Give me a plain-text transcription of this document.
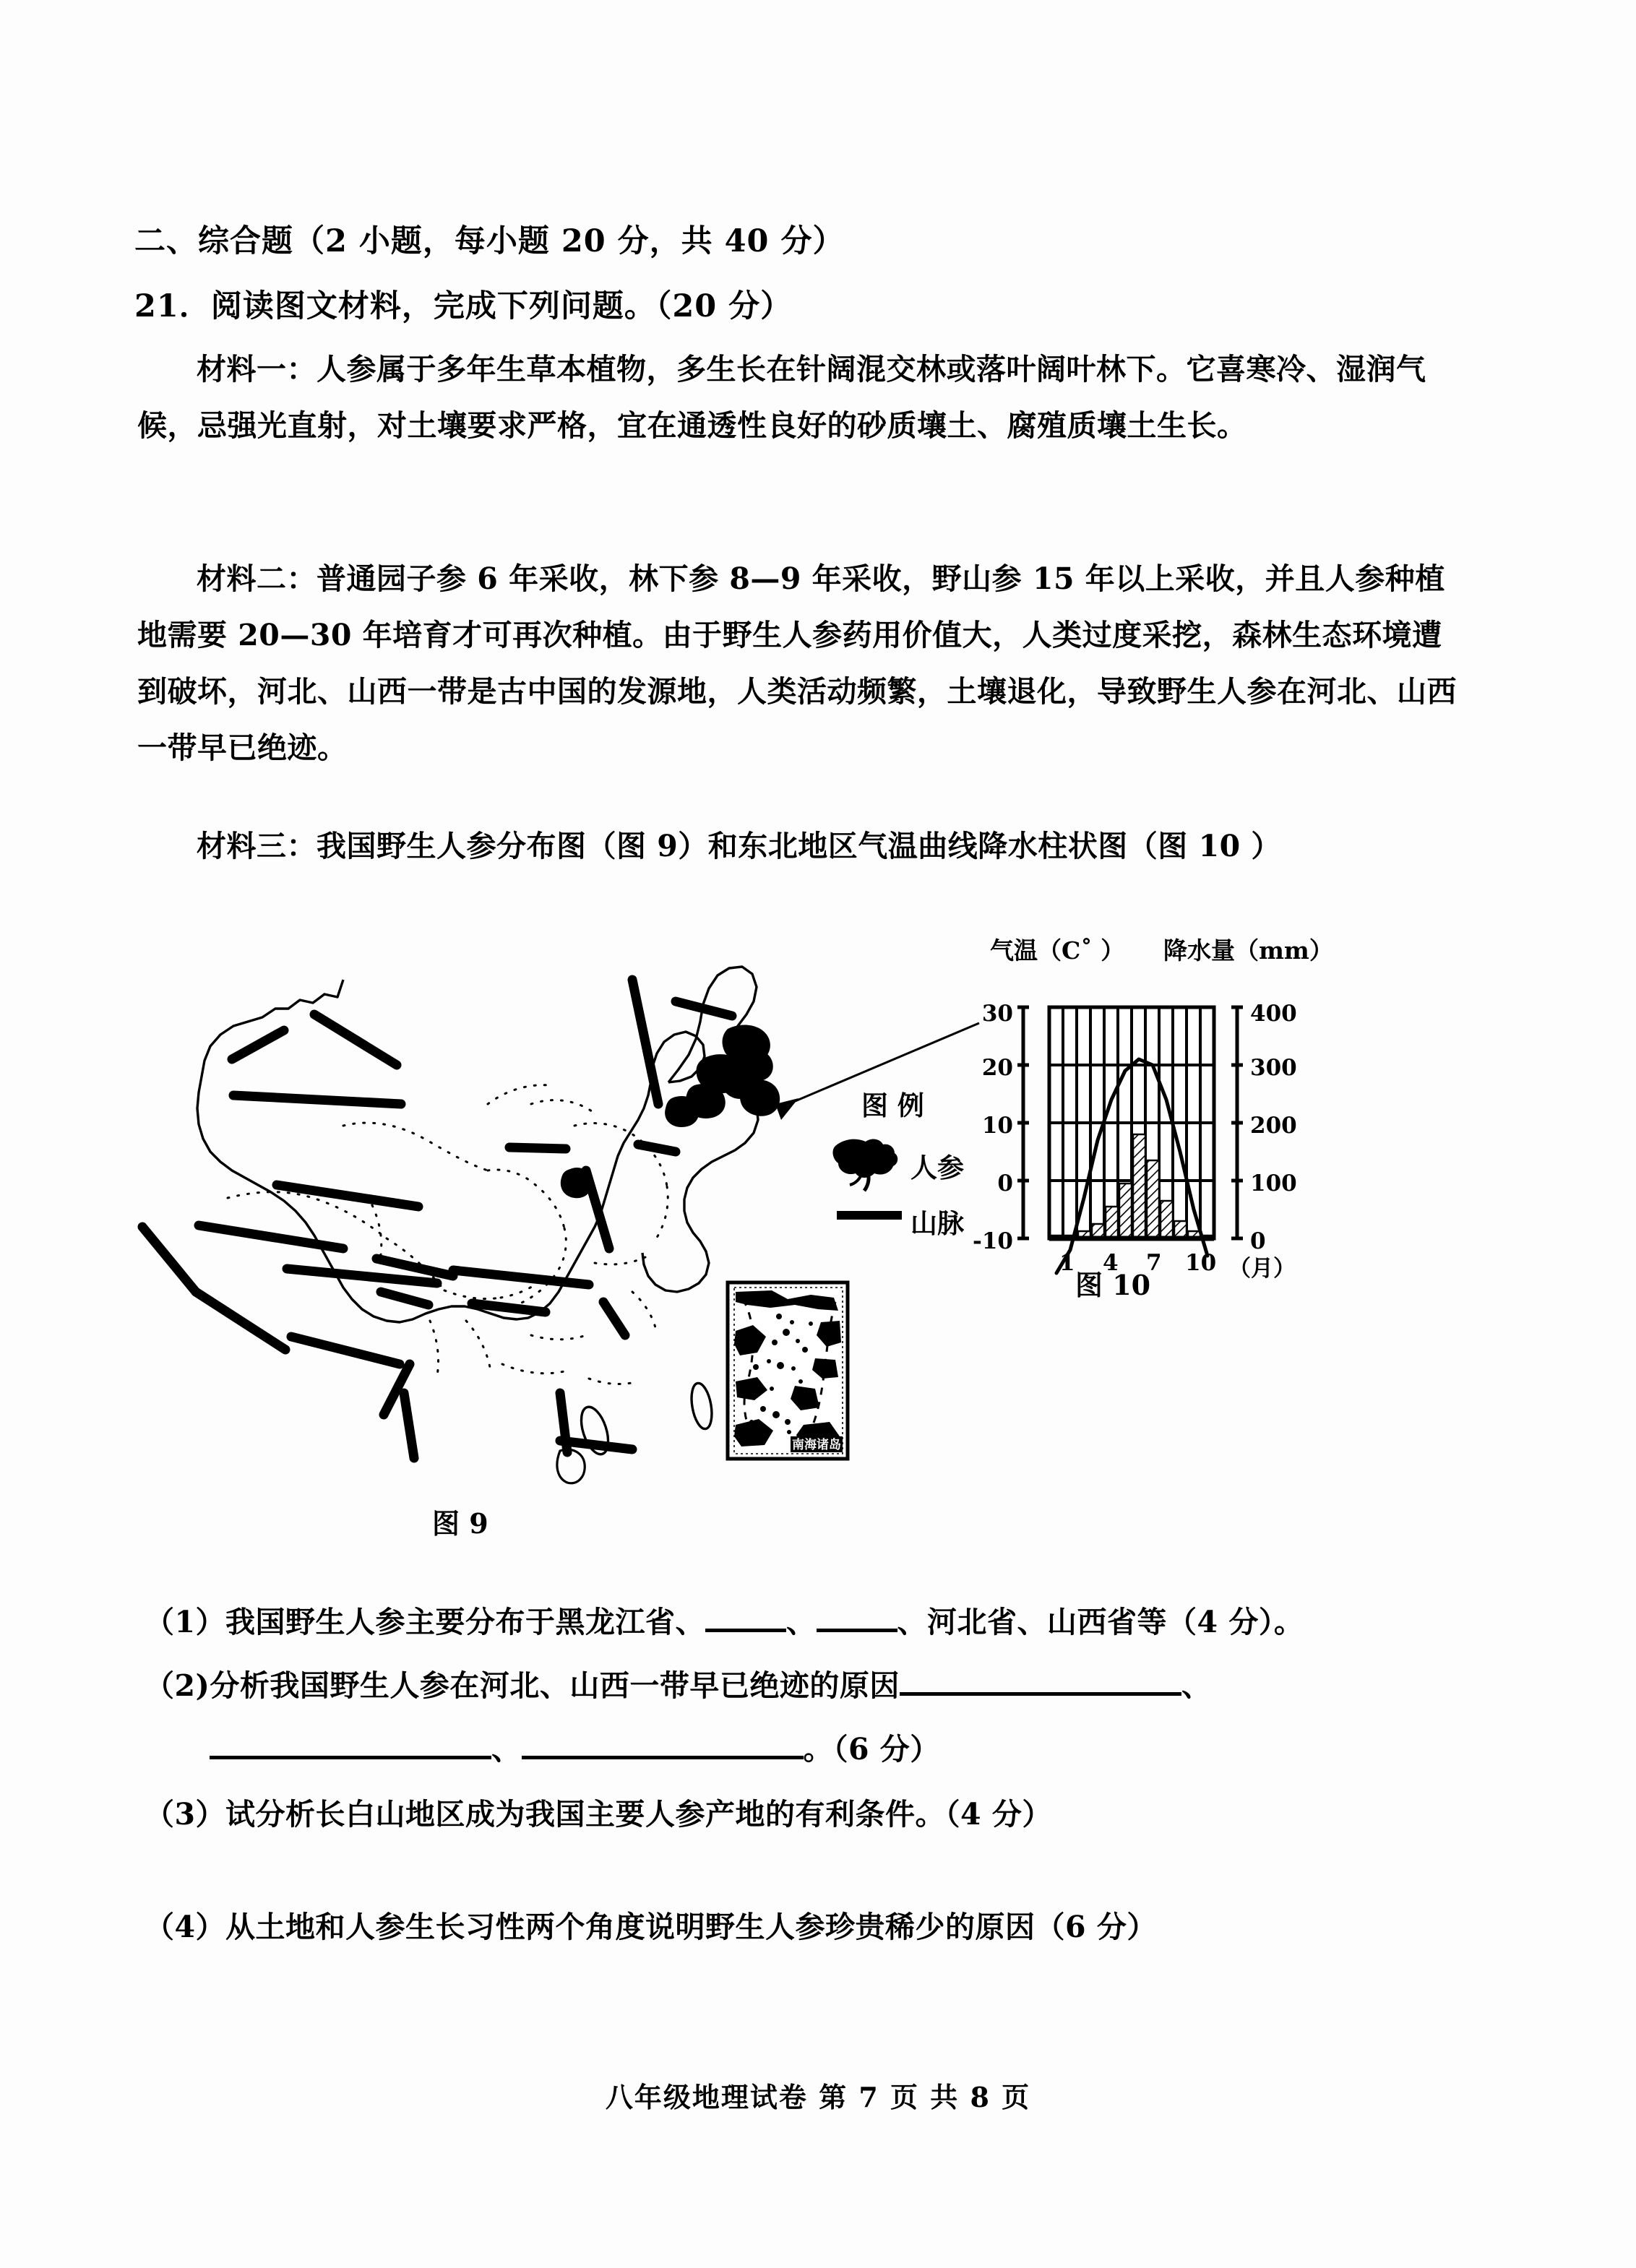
二、综合题（2 小题，每小题 20 分，共 40 分）
21．阅读图文材料，完成下列问题。（20 分）
材料一：人参属于多年生草本植物，多生长在针阔混交林或落叶阔叶林下。它喜寒冷、湿润气候，忌强光直射，对土壤要求严格，宜在通透性良好的砂质壤土、腐殖质壤土生长。
材料二：普通园子参 6 年采收，林下参 8—9 年采收，野山参 15 年以上采收，并且人参种植地需要 20—30 年培育才可再次种植。由于野生人参药用价值大，人类过度采挖，森林生态环境遭到破坏，河北、山西一带是古中国的发源地，人类活动频繁，土壤退化，导致野生人参在河北、山西一带早已绝迹。
材料三：我国野生人参分布图（图 9）和东北地区气温曲线降水柱状图（图 10 ）
图 例
人参
山脉
南海诸岛
气温（C˚ ） 降水量（mm）
30
20
10
0
-10
400
300
200
100
0
1 4 7 10 （月）
图 9
图 10
（1）我国野生人参主要分布于黑龙江省、	、	、河北省、山西省等（4 分）。
（2)分析我国野生人参在河北、山西一带早已绝迹的原因	、
、	。（6 分）
（3）试分析长白山地区成为我国主要人参产地的有利条件。（4 分）
（4）从土地和人参生长习性两个角度说明野生人参珍贵稀少的原因（6 分）
八年级地理试卷 第 7 页 共 8 页
